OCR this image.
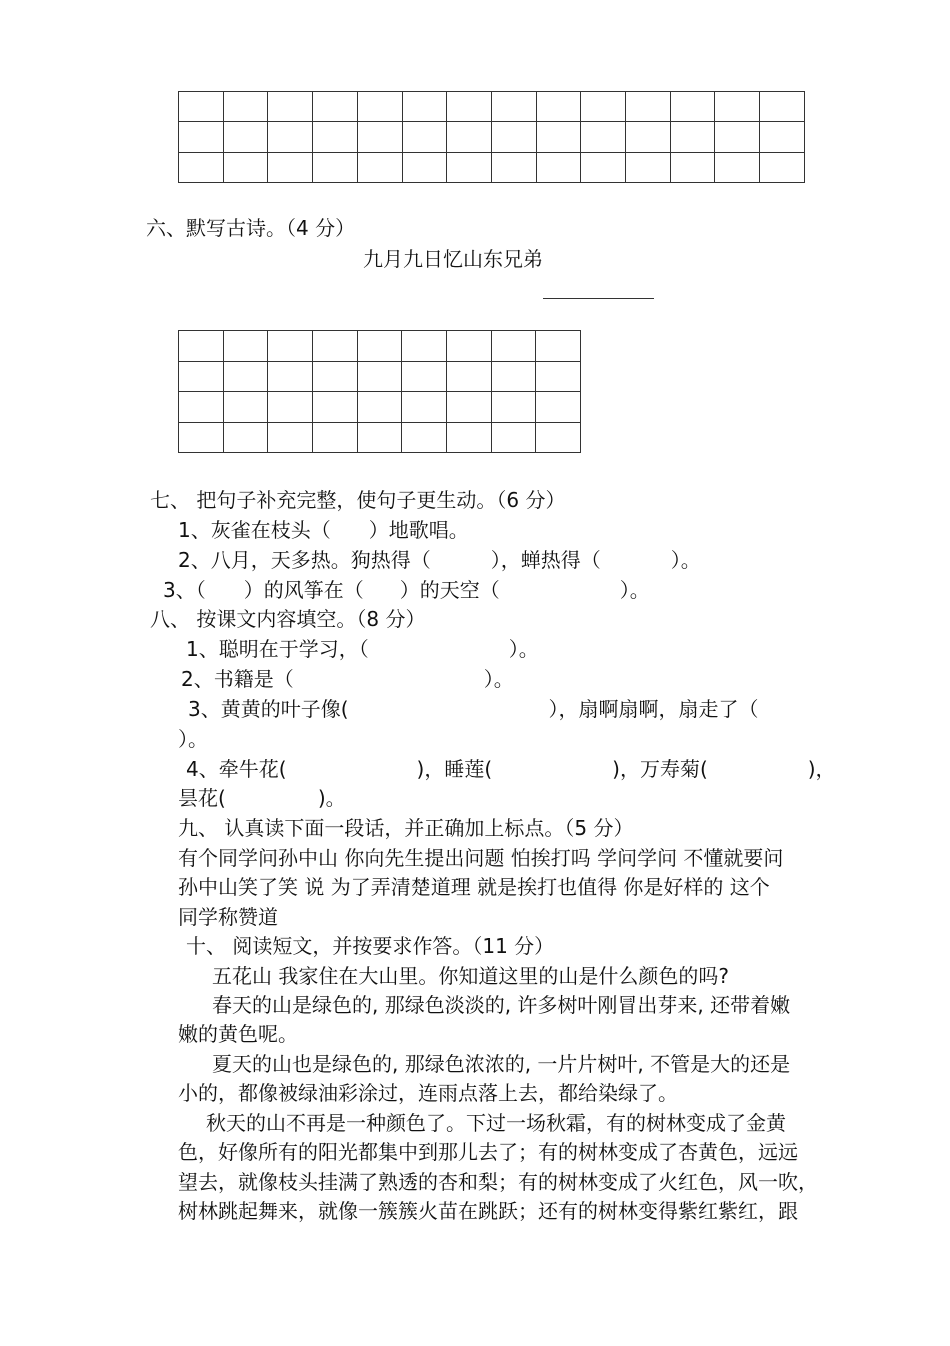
六、默写古诗。（4 分）
九月九日忆山东兄弟

七、 把句子补充完整，使句子更生动。（6 分）
1、灰雀在枝头（ ）地歌唱。
2、八月，天多热。狗热得（	），蝉热得（	）。
3、（ ）的风筝在（ ）的天空（	）。
八、 按课文内容填空。（8 分）
1、聪明在于学习，（	）。
2、书籍是（	）。
3、黄黄的叶子像(	），扇啊扇啊，扇走了（
）。
4、牵牛花(	)，睡莲(	)，万寿菊(	)，
昙花(	)。
九、 认真读下面一段话，并正确加上标点。（5 分）
有个同学问孙中山 你向先生提出问题 怕挨打吗 学问学问 不懂就要问
孙中山笑了笑 说 为了弄清楚道理 就是挨打也值得 你是好样的 这个
同学称赞道
十、 阅读短文，并按要求作答。（11 分）
五花山 我家住在大山里。你知道这里的山是什么颜色的吗?
春天的山是绿色的, 那绿色淡淡的, 许多树叶刚冒出芽来, 还带着嫩
嫩的黄色呢。
夏天的山也是绿色的, 那绿色浓浓的, 一片片树叶, 不管是大的还是
小的，都像被绿油彩涂过，连雨点落上去，都给染绿了。
秋天的山不再是一种颜色了。下过一场秋霜，有的树林变成了金黄
色，好像所有的阳光都集中到那儿去了；有的树林变成了杏黄色，远远
望去，就像枝头挂满了熟透的杏和梨；有的树林变成了火红色，风一吹，
树林跳起舞来，就像一簇簇火苗在跳跃；还有的树林变得紫红紫红，跟
